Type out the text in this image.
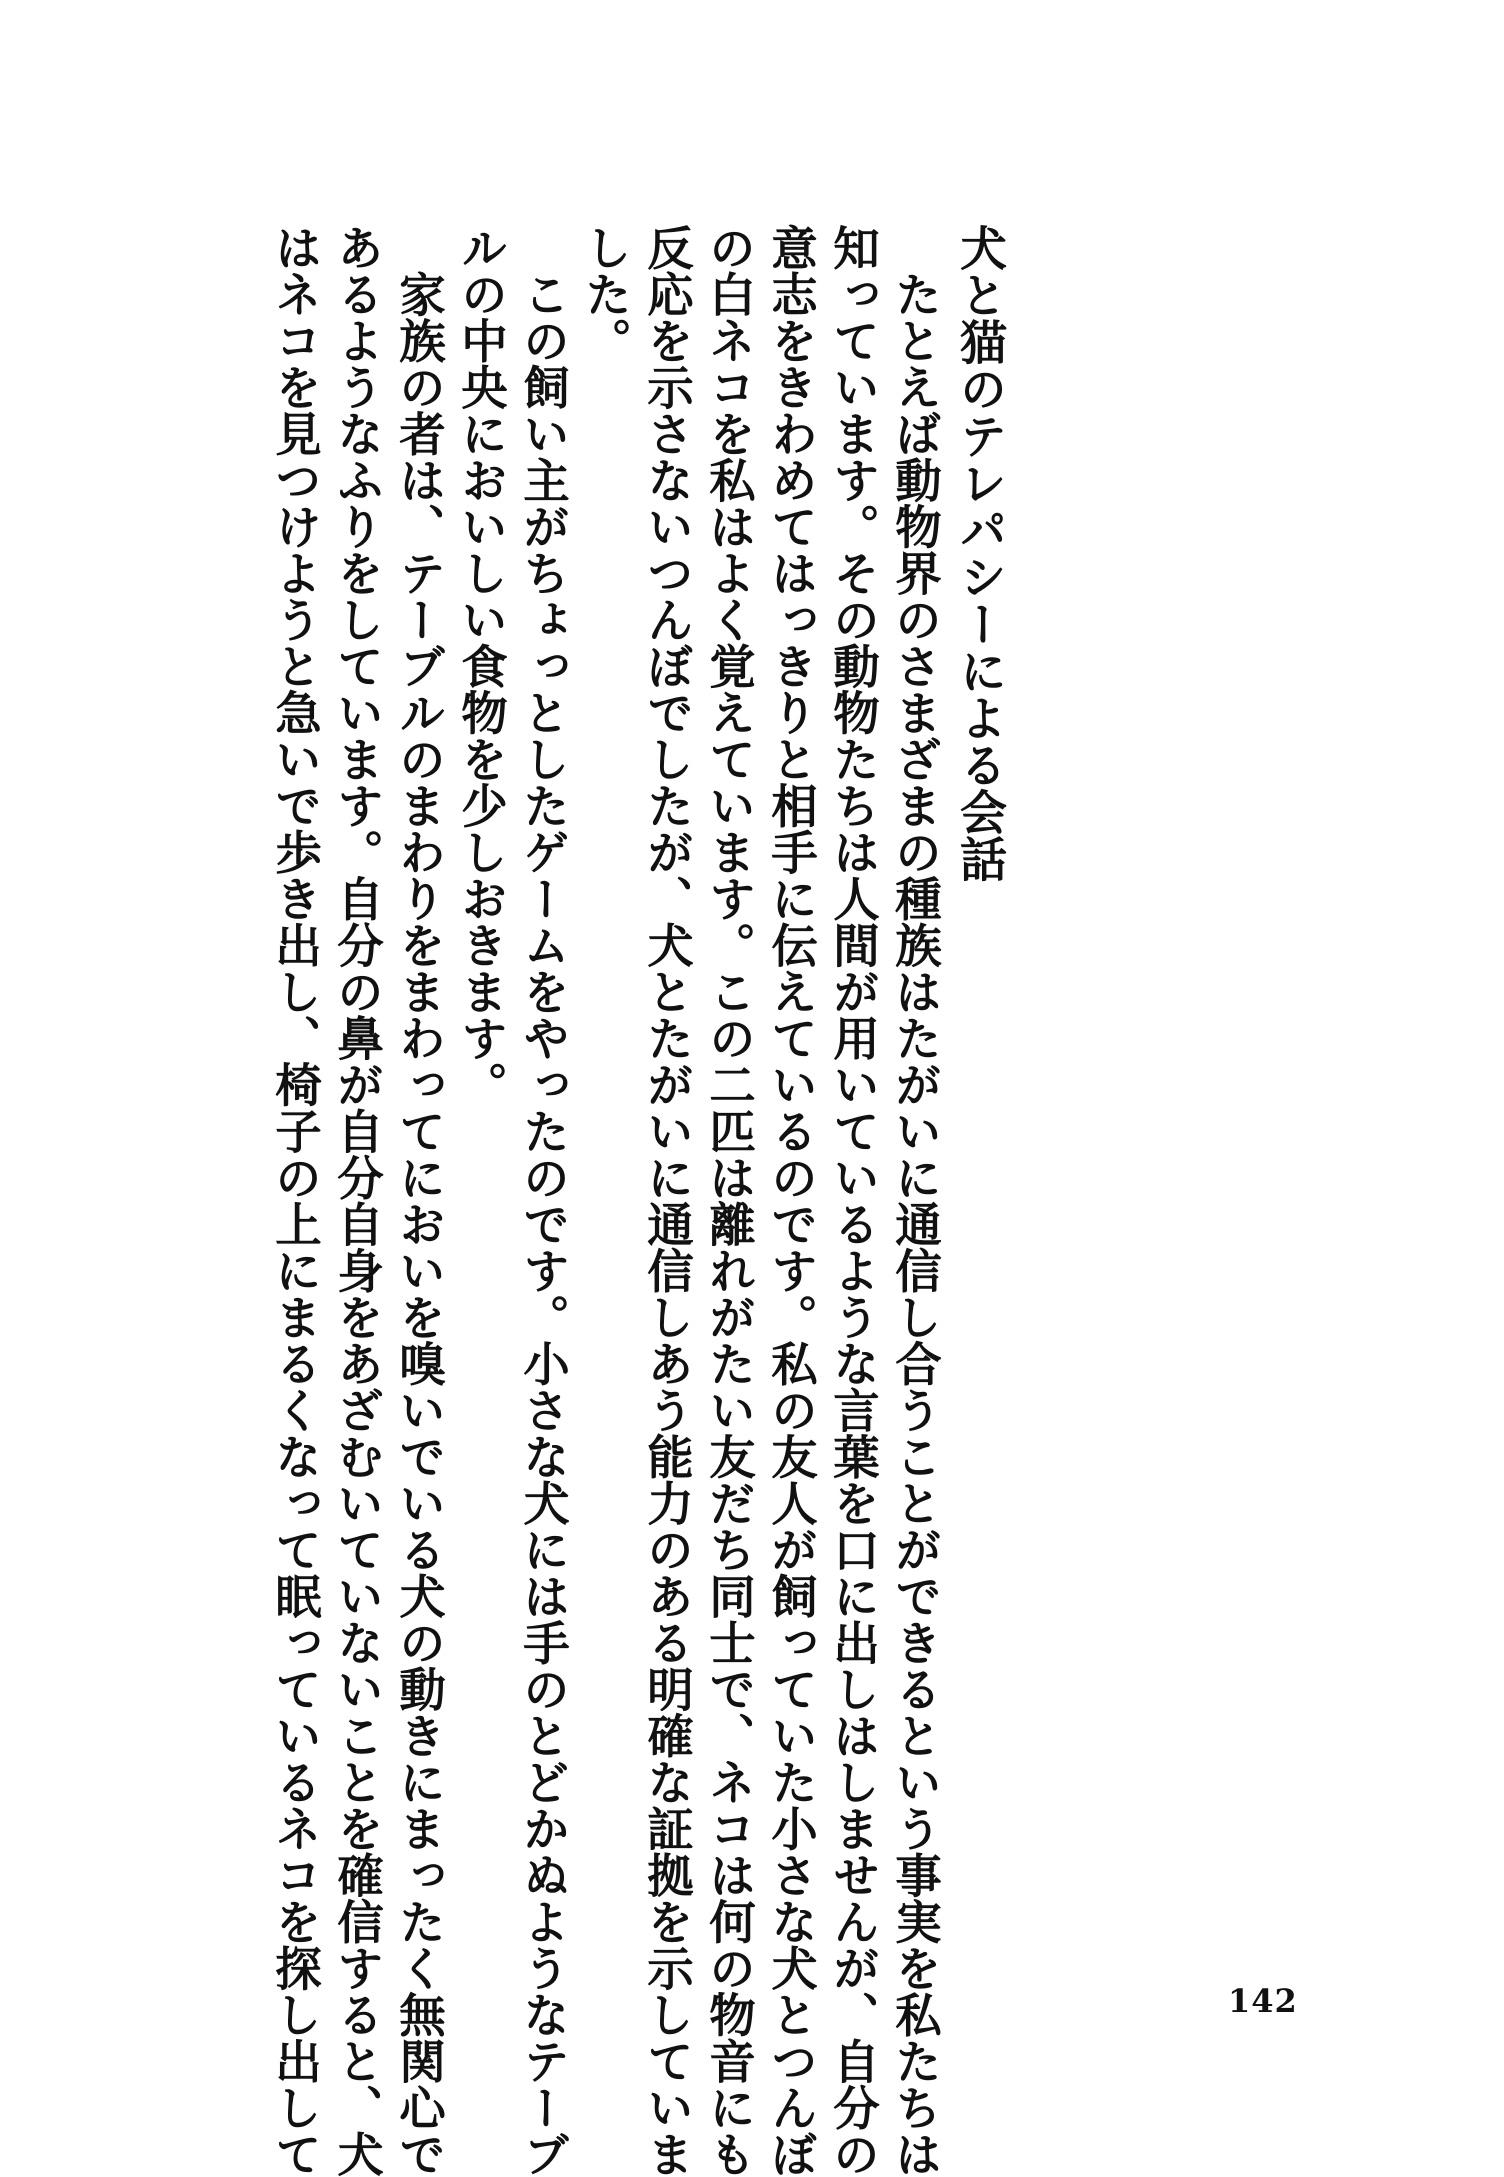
犬と猫のテレパシーによる会話
　たとえば動物界のさまざまの種族はたがいに通信し合うことができるという事実を私たちは
知っています。その動物たちは人間が用いているような言葉を口に出しはしませんが、自分の
意志をきわめてはっきりと相手に伝えているのです。私の友人が飼っていた小さな犬とつんぼ
の白ネコを私はよく覚えています。この二匹は離れがたい友だち同士で、ネコは何の物音にも
反応を示さないつんぼでしたが、犬とたがいに通信しあう能力のある明確な証拠を示していま
した。
　この飼い主がちょっとしたゲームをやったのです。小さな犬には手のとどかぬようなテーブ
ルの中央においしい食物を少しおきます。
　家族の者は、テーブルのまわりをまわってにおいを嗅いでいる犬の動きにまったく無関心で
あるようなふりをしています。自分の鼻が自分自身をあざむいていないことを確信すると、犬
はネコを見つけようと急いで歩き出し、椅子の上にまるくなって眠っているネコを探し出して	142
